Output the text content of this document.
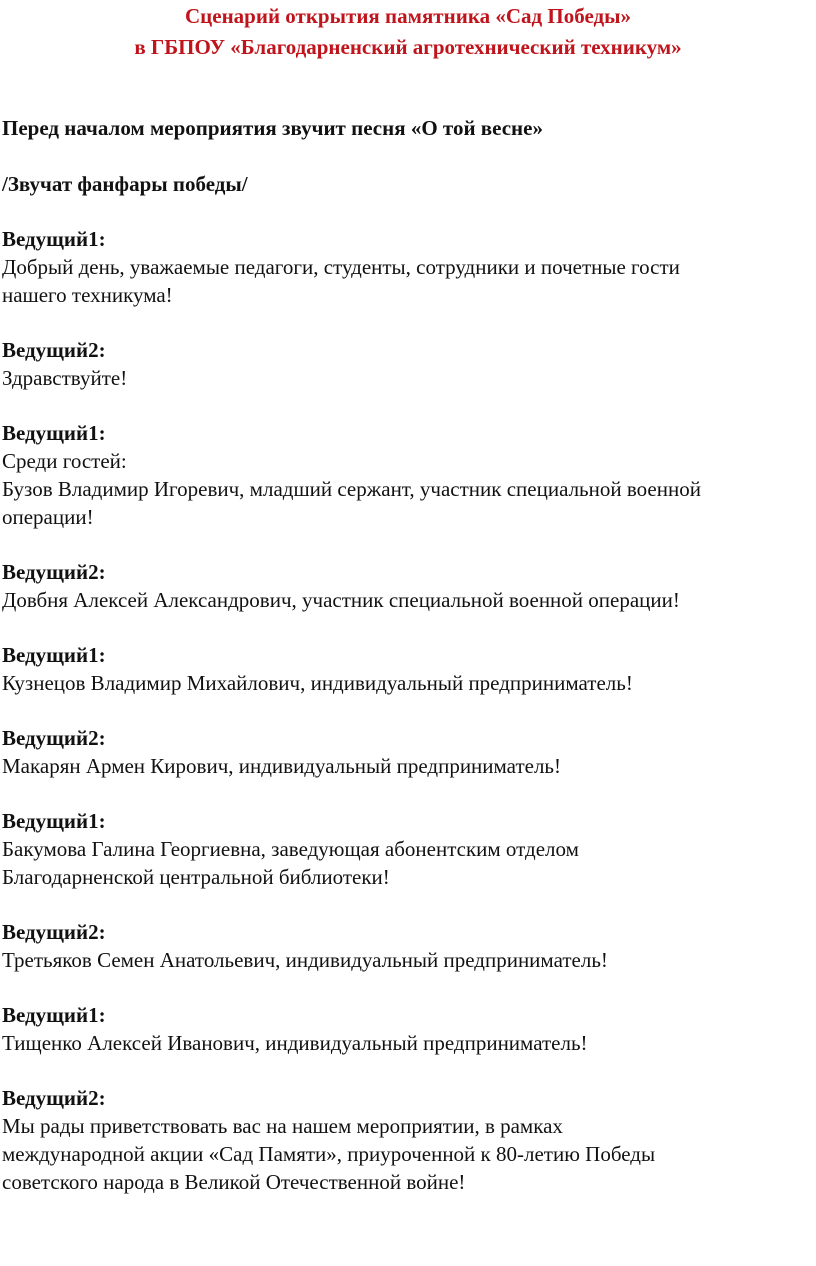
Сценарий открытия памятника «Сад Победы»

в ГБПОУ «Благодарненский агротехнический техникум»

Перед началом мероприятия звучит песня «О той весне»

/Звучат фанфары победы/

Ведущий1:
Добрый день, уважаемые педагоги, студенты, сотрудники и почетные гости
нашего техникума!
Ведущий2:
Здравствуйте!
Ведущий1:
Среди гостей:
Бузов Владимир Игоревич, младший сержант, участник специальной военной
операции!
Ведущий2:
Довбня Алексей Александрович, участник специальной военной операции!
Ведущий1:
Кузнецов Владимир Михайлович, индивидуальный предприниматель!
Ведущий2:
Макарян Армен Кирович, индивидуальный предприниматель!
Ведущий1:
Бакумова Галина Георгиевна, заведующая абонентским отделом
Благодарненской центральной библиотеки!
Ведущий2:
Третьяков Семен Анатольевич, индивидуальный предприниматель!
Ведущий1:
Тищенко Алексей Иванович, индивидуальный предприниматель!
Ведущий2:
Мы рады приветствовать вас на нашем мероприятии, в рамках
международной акции «Сад Памяти», приуроченной к 80-летию Победы
советского народа в Великой Отечественной войне!
